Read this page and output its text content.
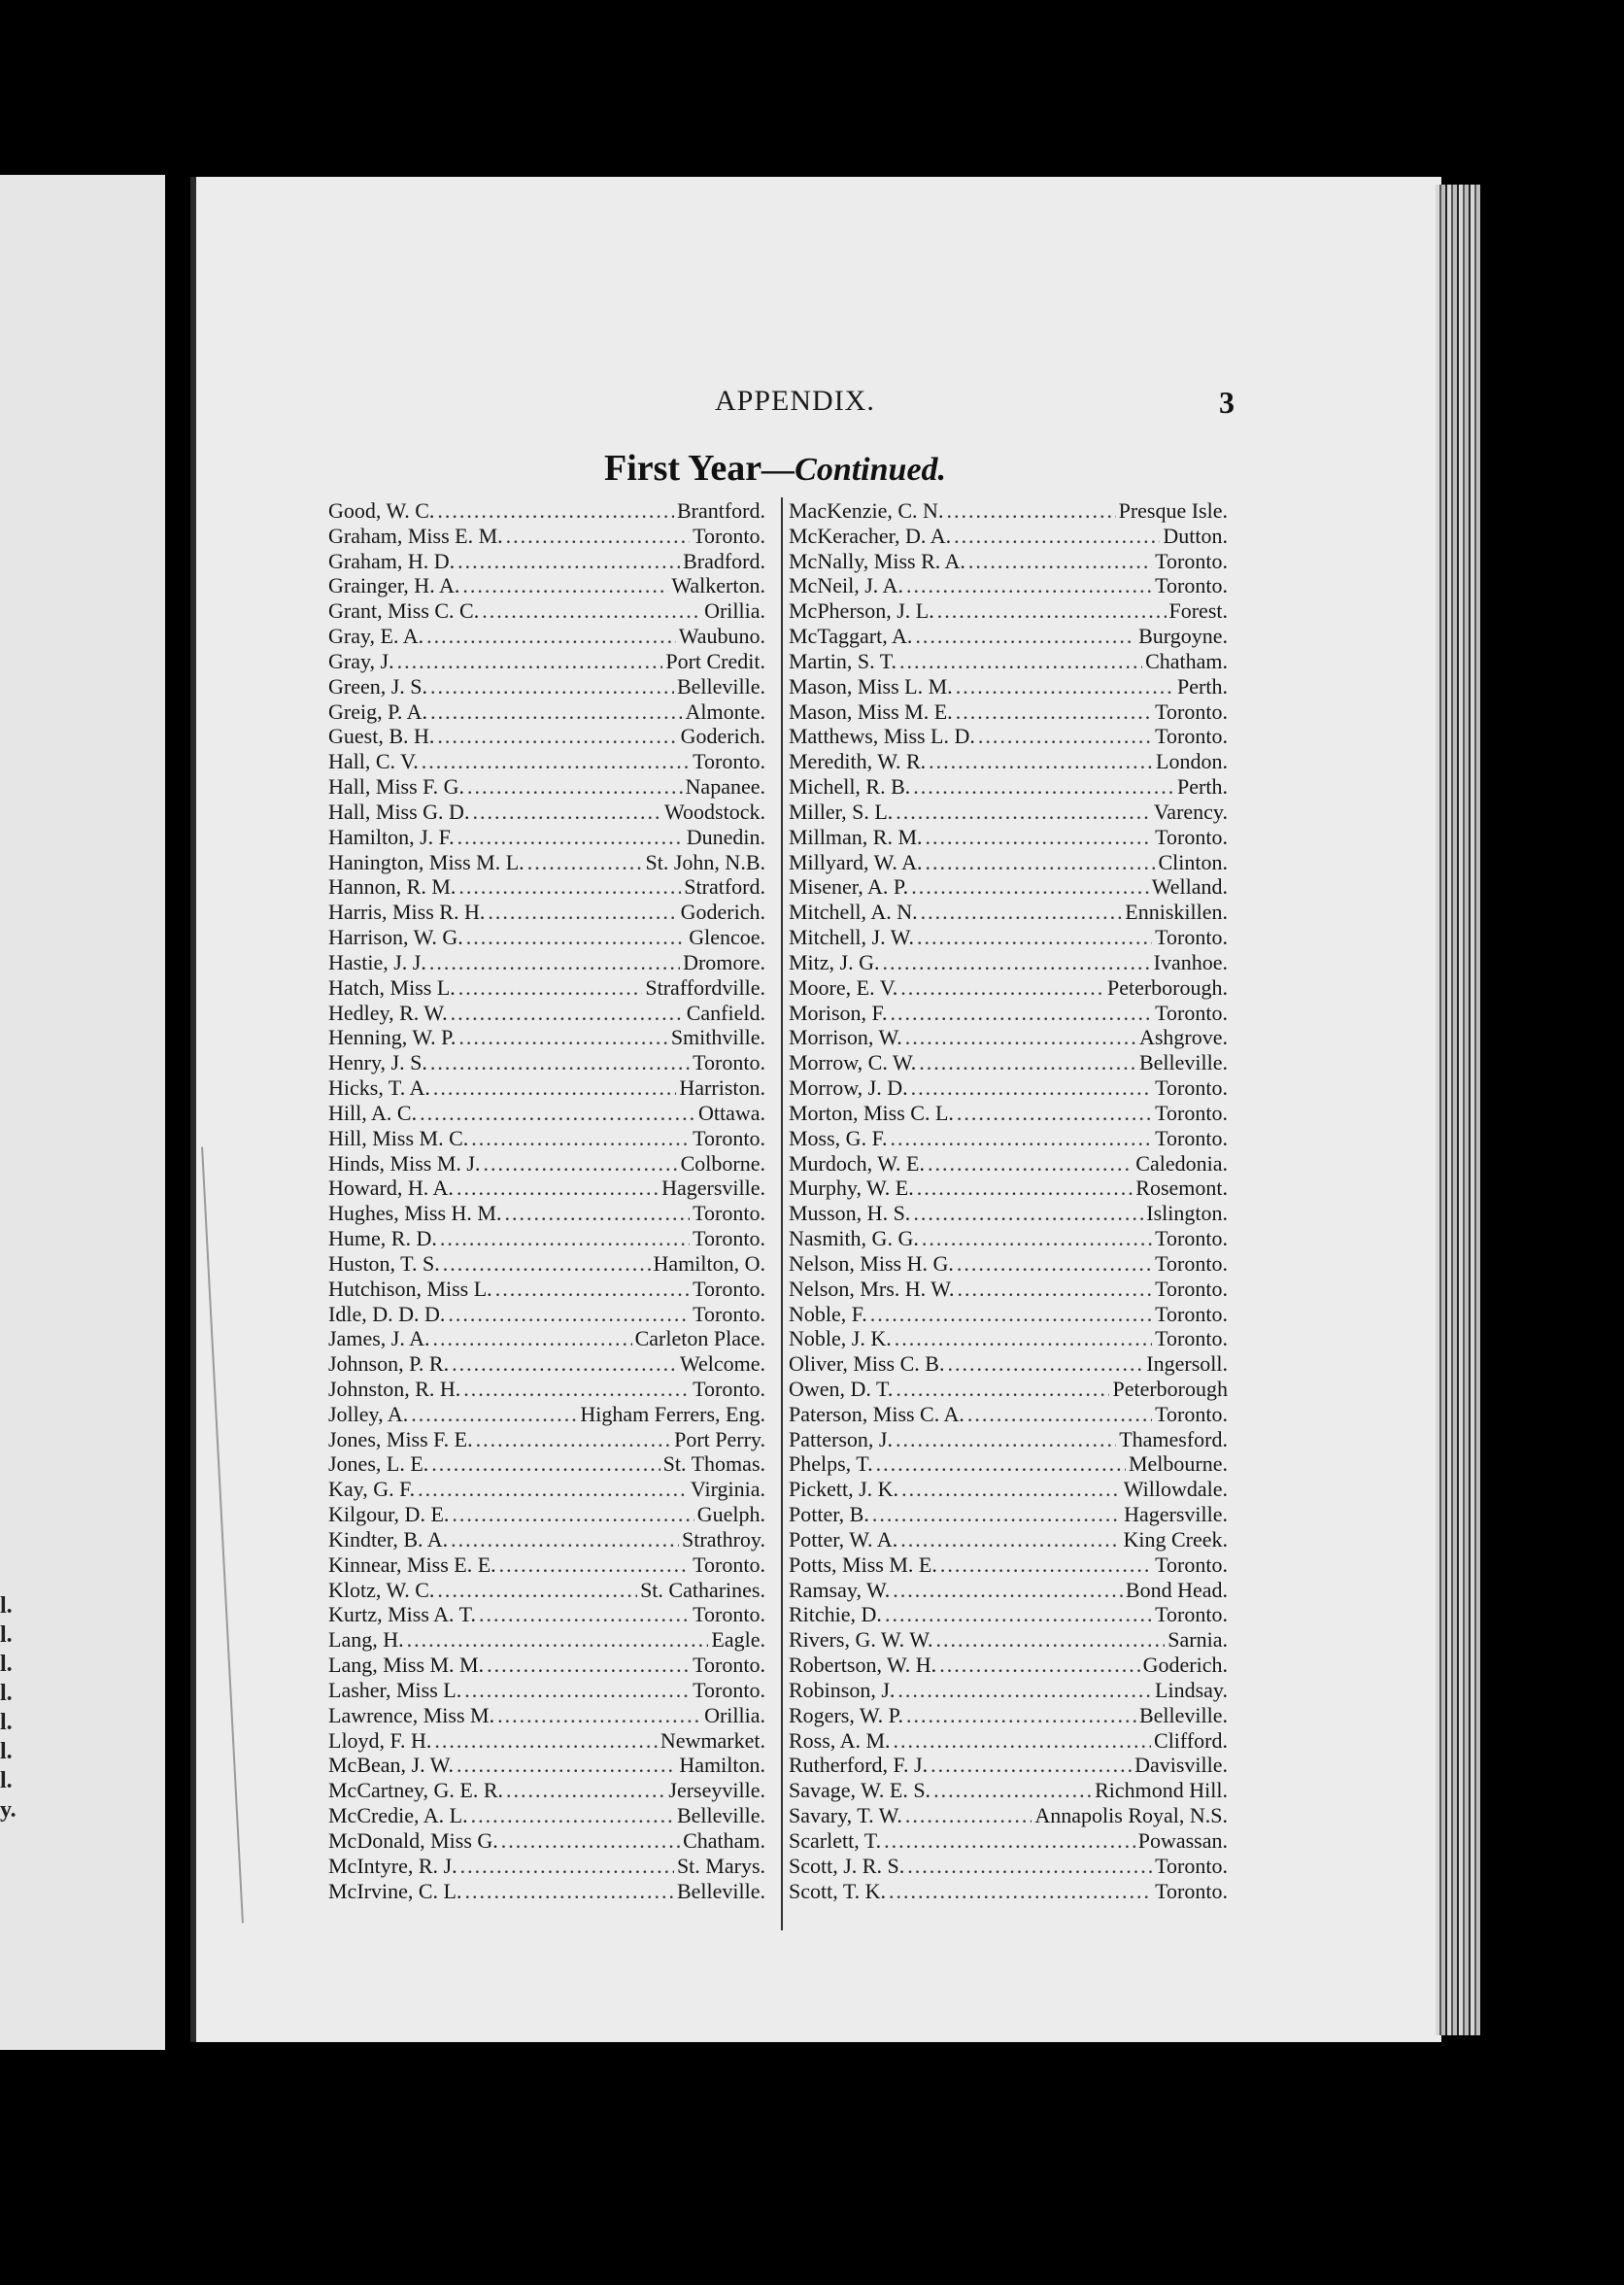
l.
l.
l.
l.
l.
l.
l.
y.
APPENDIX.	3
First Year—Continued.
Good, W. C. .....	Brantford.
Graham, Miss E. M. .....	Toronto.
Graham, H. D. .....	Bradford.
Grainger, H. A. .....	Walkerton.
Grant, Miss C. C. .....	Orillia.
Gray, E. A. .....	Waubuno.
Gray, J. .....	Port Credit.
Green, J. S. .....	Belleville.
Greig, P. A. .....	Almonte.
Guest, B. H. .....	Goderich.
Hall, C. V. .....	Toronto.
Hall, Miss F. G. .....	Napanee.
Hall, Miss G. D. .....	Woodstock.
Hamilton, J. F. .....	Dunedin.
Hanington, Miss M. L. .....	St. John, N.B.
Hannon, R. M. .....	Stratford.
Harris, Miss R. H. .....	Goderich.
Harrison, W. G. .....	Glencoe.
Hastie, J. J. .....	Dromore.
Hatch, Miss L. .....	Straffordville.
Hedley, R. W. .....	Canfield.
Henning, W. P. .....	Smithville.
Henry, J. S. .....	Toronto.
Hicks, T. A. .....	Harriston.
Hill, A. C. .....	Ottawa.
Hill, Miss M. C. .....	Toronto.
Hinds, Miss M. J. .....	Colborne.
Howard, H. A. .....	Hagersville.
Hughes, Miss H. M. .....	Toronto.
Hume, R. D. .....	Toronto.
Huston, T. S. .....	Hamilton, O.
Hutchison, Miss L. .....	Toronto.
Idle, D. D. D. .....	Toronto.
James, J. A. .....	Carleton Place.
Johnson, P. R. .....	Welcome.
Johnston, R. H. .....	Toronto.
Jolley, A. .....	Higham Ferrers, Eng.
Jones, Miss F. E. .....	Port Perry.
Jones, L. E. .....	St. Thomas.
Kay, G. F. .....	Virginia.
Kilgour, D. E. .....	Guelph.
Kindter, B. A. .....	Strathroy.
Kinnear, Miss E. E. .....	Toronto.
Klotz, W. C. .....	St. Catharines.
Kurtz, Miss A. T. .....	Toronto.
Lang, H. .....	Eagle.
Lang, Miss M. M. .....	Toronto.
Lasher, Miss L. .....	Toronto.
Lawrence, Miss M. .....	Orillia.
Lloyd, F. H. .....	Newmarket.
McBean, J. W. .....	Hamilton.
McCartney, G. E. R. .....	Jerseyville.
McCredie, A. L. .....	Belleville.
McDonald, Miss G. .....	Chatham.
McIntyre, R. J. .....	St. Marys.
McIrvine, C. L. .....	Belleville.
MacKenzie, C. N. .....	Presque Isle.
McKeracher, D. A. .....	Dutton.
McNally, Miss R. A. .....	Toronto.
McNeil, J. A. .....	Toronto.
McPherson, J. L. .....	Forest.
McTaggart, A. .....	Burgoyne.
Martin, S. T. .....	Chatham.
Mason, Miss L. M. .....	Perth.
Mason, Miss M. E. .....	Toronto.
Matthews, Miss L. D. .....	Toronto.
Meredith, W. R. .....	London.
Michell, R. B. .....	Perth.
Miller, S. L. .....	Varency.
Millman, R. M. .....	Toronto.
Millyard, W. A. .....	Clinton.
Misener, A. P. .....	Welland.
Mitchell, A. N. .....	Enniskillen.
Mitchell, J. W. .....	Toronto.
Mitz, J. G. .....	Ivanhoe.
Moore, E. V. .....	Peterborough.
Morison, F. .....	Toronto.
Morrison, W. .....	Ashgrove.
Morrow, C. W. .....	Belleville.
Morrow, J. D. .....	Toronto.
Morton, Miss C. L. .....	Toronto.
Moss, G. F. .....	Toronto.
Murdoch, W. E. .....	Caledonia.
Murphy, W. E. .....	Rosemont.
Musson, H. S. .....	Islington.
Nasmith, G. G. .....	Toronto.
Nelson, Miss H. G. .....	Toronto.
Nelson, Mrs. H. W. .....	Toronto.
Noble, F. .....	Toronto.
Noble, J. K. .....	Toronto.
Oliver, Miss C. B. .....	Ingersoll.
Owen, D. T. .....	Peterborough
Paterson, Miss C. A. .....	Toronto.
Patterson, J. .....	Thamesford.
Phelps, T. .....	Melbourne.
Pickett, J. K. .....	Willowdale.
Potter, B. .....	Hagersville.
Potter, W. A. .....	King Creek.
Potts, Miss M. E. .....	Toronto.
Ramsay, W. .....	Bond Head.
Ritchie, D. .....	Toronto.
Rivers, G. W. W. .....	Sarnia.
Robertson, W. H. .....	Goderich.
Robinson, J. .....	Lindsay.
Rogers, W. P. .....	Belleville.
Ross, A. M. .....	Clifford.
Rutherford, F. J. .....	Davisville.
Savage, W. E. S. .....	Richmond Hill.
Savary, T. W. .....	Annapolis Royal, N.S.
Scarlett, T. .....	Powassan.
Scott, J. R. S. .....	Toronto.
Scott, T. K. .....	Toronto.
